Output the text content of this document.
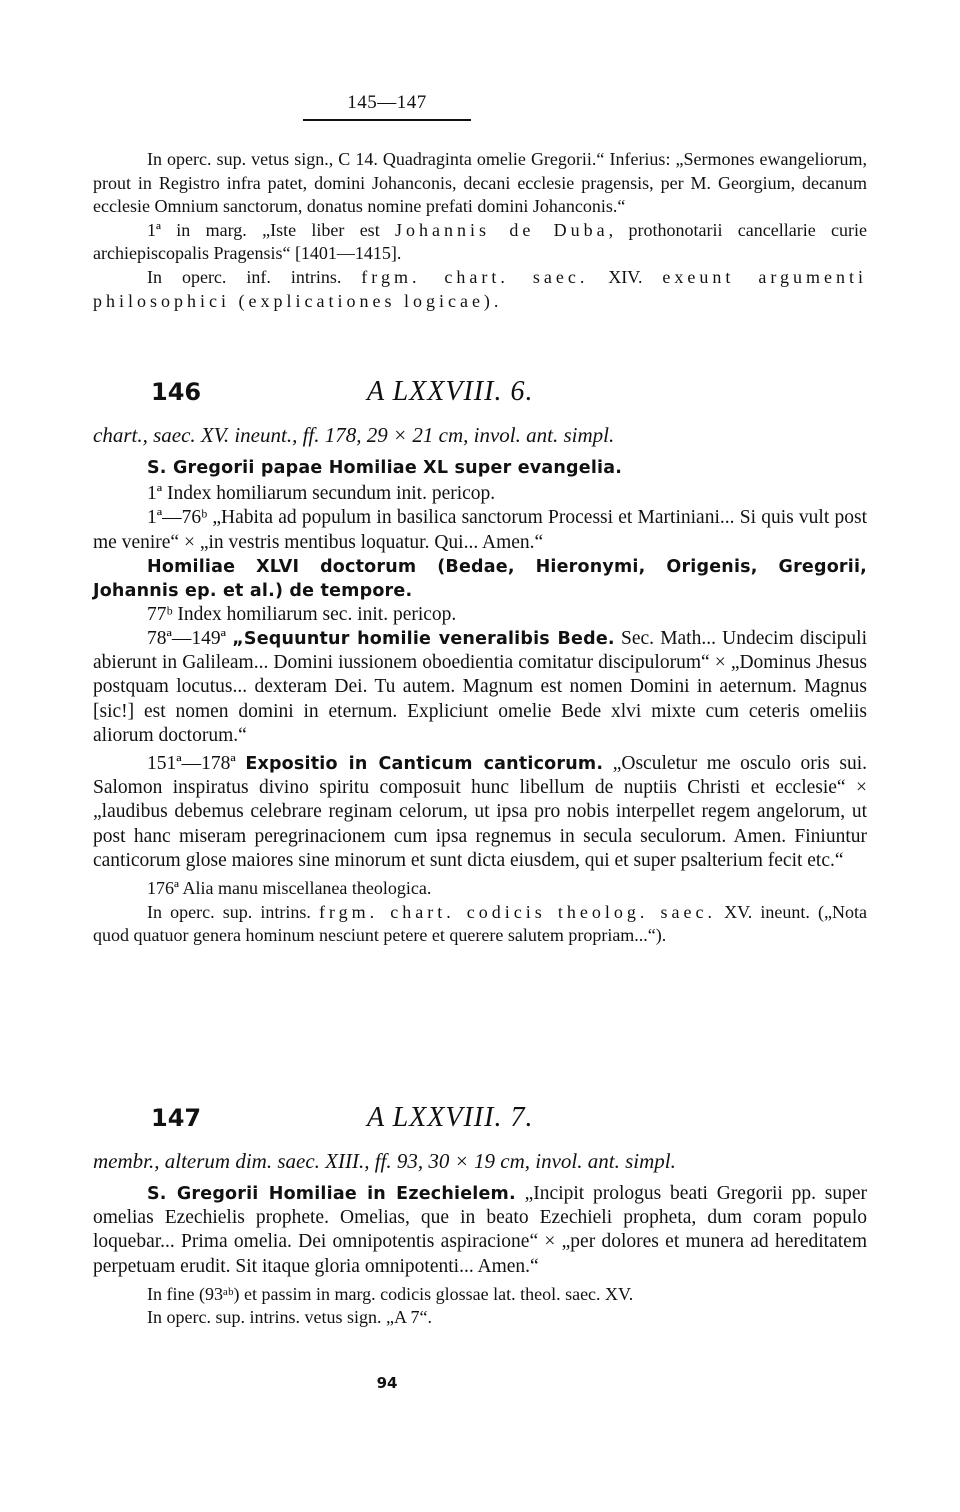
145—147

In operc. sup. vetus sign., C 14. Quadraginta omelie Gregorii.“ Inferius: „Sermones ewangeliorum, prout in Registro infra patet, domini Johanconis, decani ecclesie pragensis, per M. Georgium, decanum ecclesie Omnium sanctorum, donatus nomine prefati domini Johanconis.“

1ª in marg. „Iste liber est Johannis de Duba, prothonotarii cancellarie curie archiepiscopalis Pragensis“ [1401—1415].

In operc. inf. intrins. frgm. chart. saec. XIV. exeunt argumenti philosophici (explicationes logicae).

146	A LXXVIII. 6.

chart., saec. XV. ineunt., ff. 178, 29 × 21 cm, invol. ant. simpl.

S. Gregorii papae Homiliae XL super evangelia.

1ª Index homiliarum secundum init. pericop.

1ª—76ᵇ „Habita ad populum in basilica sanctorum Processi et Martiniani... Si quis vult post me venire“ × „in vestris mentibus loquatur. Qui... Amen.“

Homiliae XLVI doctorum (Bedae, Hieronymi, Origenis, Gregorii, Johannis ep. et al.) de tempore.

77ᵇ Index homiliarum sec. init. pericop.

78ª—149ª „Sequuntur homilie veneralibis Bede. Sec. Math... Undecim discipuli abierunt in Galileam... Domini iussionem oboedientia comitatur discipulorum“ × „Dominus Jhesus postquam locutus... dexteram Dei. Tu autem. Magnum est nomen Domini in aeternum. Magnus [sic!] est nomen domini in eternum. Expliciunt omelie Bede xlvi mixte cum ceteris omeliis aliorum doctorum.“

151ª—178ª Expositio in Canticum canticorum. „Osculetur me osculo oris sui. Salomon inspiratus divino spiritu composuit hunc libellum de nuptiis Christi et ecclesie“ × „laudibus debemus celebrare reginam celorum, ut ipsa pro nobis interpellet regem angelorum, ut post hanc miseram peregrinacionem cum ipsa regnemus in secula seculorum. Amen. Finiuntur canticorum glose maiores sine minorum et sunt dicta eiusdem, qui et super psalterium fecit etc.“

176ª Alia manu miscellanea theologica.

In operc. sup. intrins. frgm. chart. codicis theolog. saec. XV. ineunt. („Nota quod quatuor genera hominum nesciunt petere et querere salutem propriam...“).

147	A LXXVIII. 7.

membr., alterum dim. saec. XIII., ff. 93, 30 × 19 cm, invol. ant. simpl.

S. Gregorii Homiliae in Ezechielem. „Incipit prologus beati Gregorii pp. super omelias Ezechielis prophete. Omelias, que in beato Ezechieli propheta, dum coram populo loquebar... Prima omelia. Dei omnipotentis aspiracione“ × „per dolores et munera ad hereditatem perpetuam erudit. Sit itaque gloria omnipotenti... Amen.“

In fine (93ᵃᵇ) et passim in marg. codicis glossae lat. theol. saec. XV.

In operc. sup. intrins. vetus sign. „A 7“.

94
